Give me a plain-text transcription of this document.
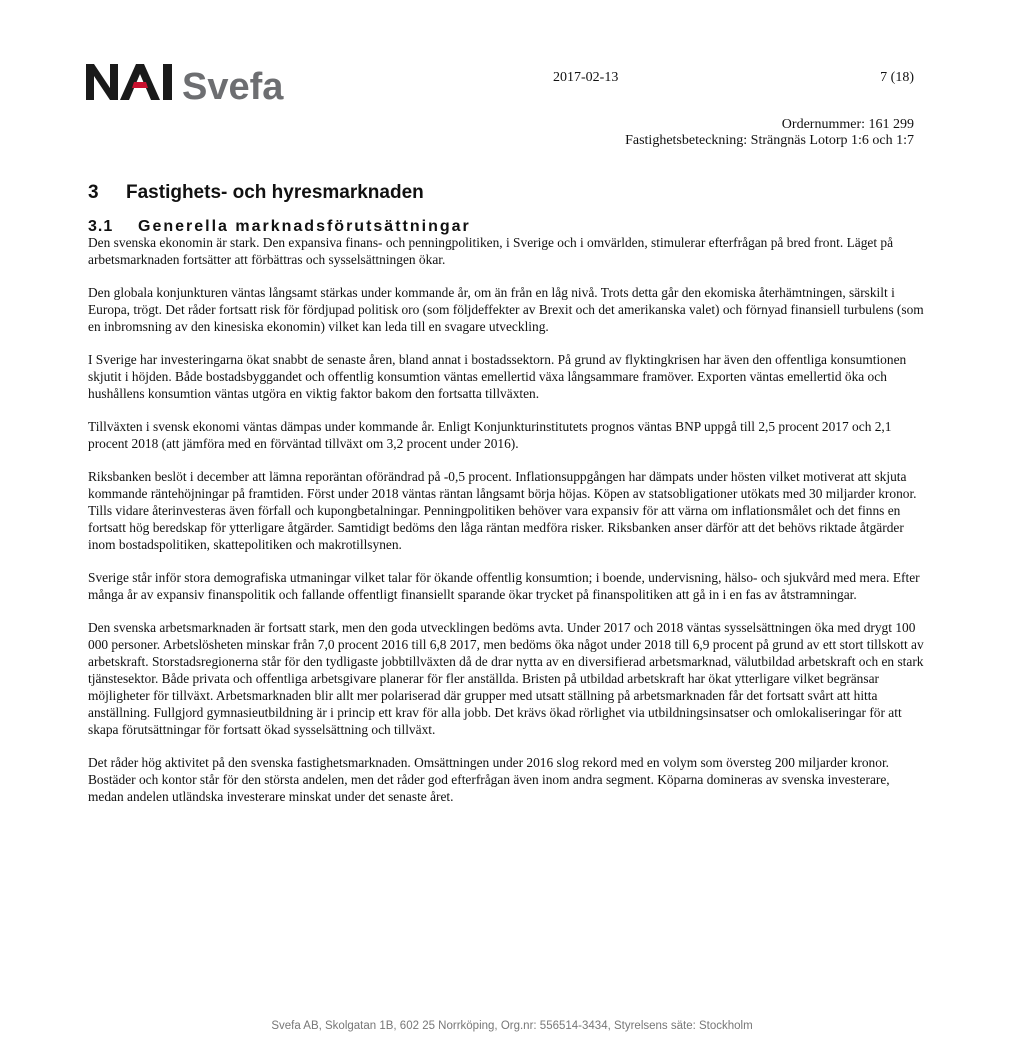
Svefa	2017-02-13	7 (18)
Ordernummer: 161 299
Fastighetsbeteckning: Strängnäs Lotorp 1:6 och 1:7
3 Fastighets- och hyresmarknaden
3.1 Generella marknadsförutsättningar

Den svenska ekonomin är stark. Den expansiva finans- och penningpolitiken, i Sverige och i omvärlden, stimulerar efterfrågan på bred front. Läget på arbetsmarknaden fortsätter att förbättras och sysselsättningen ökar.

Den globala konjunkturen väntas långsamt stärkas under kommande år, om än från en låg nivå. Trots detta går den ekomiska återhämtningen, särskilt i Europa, trögt. Det råder fortsatt risk för fördjupad politisk oro (som följdeffekter av Brexit och det amerikanska valet) och förnyad finansiell turbulens (som en inbromsning av den kinesiska ekonomin) vilket kan leda till en svagare utveckling.

I Sverige har investeringarna ökat snabbt de senaste åren, bland annat i bostadssektorn. På grund av flyktingkrisen har även den offentliga konsumtionen skjutit i höjden. Både bostadsbyggandet och offentlig konsumtion väntas emellertid växa långsammare framöver. Exporten väntas emellertid öka och hushållens konsumtion väntas utgöra en viktig faktor bakom den fortsatta tillväxten.

Tillväxten i svensk ekonomi väntas dämpas under kommande år. Enligt Konjunkturinstitutets prognos väntas BNP uppgå till 2,5 procent 2017 och 2,1 procent 2018 (att jämföra med en förväntad tillväxt om 3,2 procent under 2016).

Riksbanken beslöt i december att lämna reporäntan oförändrad på -0,5 procent. Inflationsuppgången har dämpats under hösten vilket motiverat att skjuta kommande räntehöjningar på framtiden. Först under 2018 väntas räntan långsamt börja höjas. Köpen av statsobligationer utökats med 30 miljarder kronor. Tills vidare återinvesteras även förfall och kupongbetalningar. Penningpolitiken behöver vara expansiv för att värna om inflationsmålet och det finns en fortsatt hög beredskap för ytterligare åtgärder. Samtidigt bedöms den låga räntan medföra risker. Riksbanken anser därför att det behövs riktade åtgärder inom bostadspolitiken, skattepolitiken och makrotillsynen.

Sverige står inför stora demografiska utmaningar vilket talar för ökande offentlig konsumtion; i boende, undervisning, hälso- och sjukvård med mera. Efter många år av expansiv finanspolitik och fallande offentligt finansiellt sparande ökar trycket på finanspolitiken att gå in i en fas av åtstramningar.

Den svenska arbetsmarknaden är fortsatt stark, men den goda utvecklingen bedöms avta. Under 2017 och 2018 väntas sysselsättningen öka med drygt 100 000 personer. Arbetslösheten minskar från 7,0 procent 2016 till 6,8 2017, men bedöms öka något under 2018 till 6,9 procent på grund av ett stort tillskott av arbetskraft. Storstadsregionerna står för den tydligaste jobbtillväxten då de drar nytta av en diversifierad arbetsmarknad, välutbildad arbetskraft och en stark tjänstesektor. Både privata och offentliga arbetsgivare planerar för fler anställda. Bristen på utbildad arbetskraft har ökat ytterligare vilket begränsar möjligheter för tillväxt. Arbetsmarknaden blir allt mer polariserad där grupper med utsatt ställning på arbetsmarknaden får det fortsatt svårt att hitta anställning. Fullgjord gymnasieutbildning är i princip ett krav för alla jobb. Det krävs ökad rörlighet via utbildningsinsatser och omlokaliseringar för att skapa förutsättningar för fortsatt ökad sysselsättning och tillväxt.

Det råder hög aktivitet på den svenska fastighetsmarknaden. Omsättningen under 2016 slog rekord med en volym som översteg 200 miljarder kronor. Bostäder och kontor står för den största andelen, men det råder god efterfrågan även inom andra segment. Köparna domineras av svenska investerare, medan andelen utländska investerare minskat under det senaste året.

Svefa AB, Skolgatan 1B, 602 25 Norrköping, Org.nr: 556514-3434, Styrelsens säte: Stockholm
